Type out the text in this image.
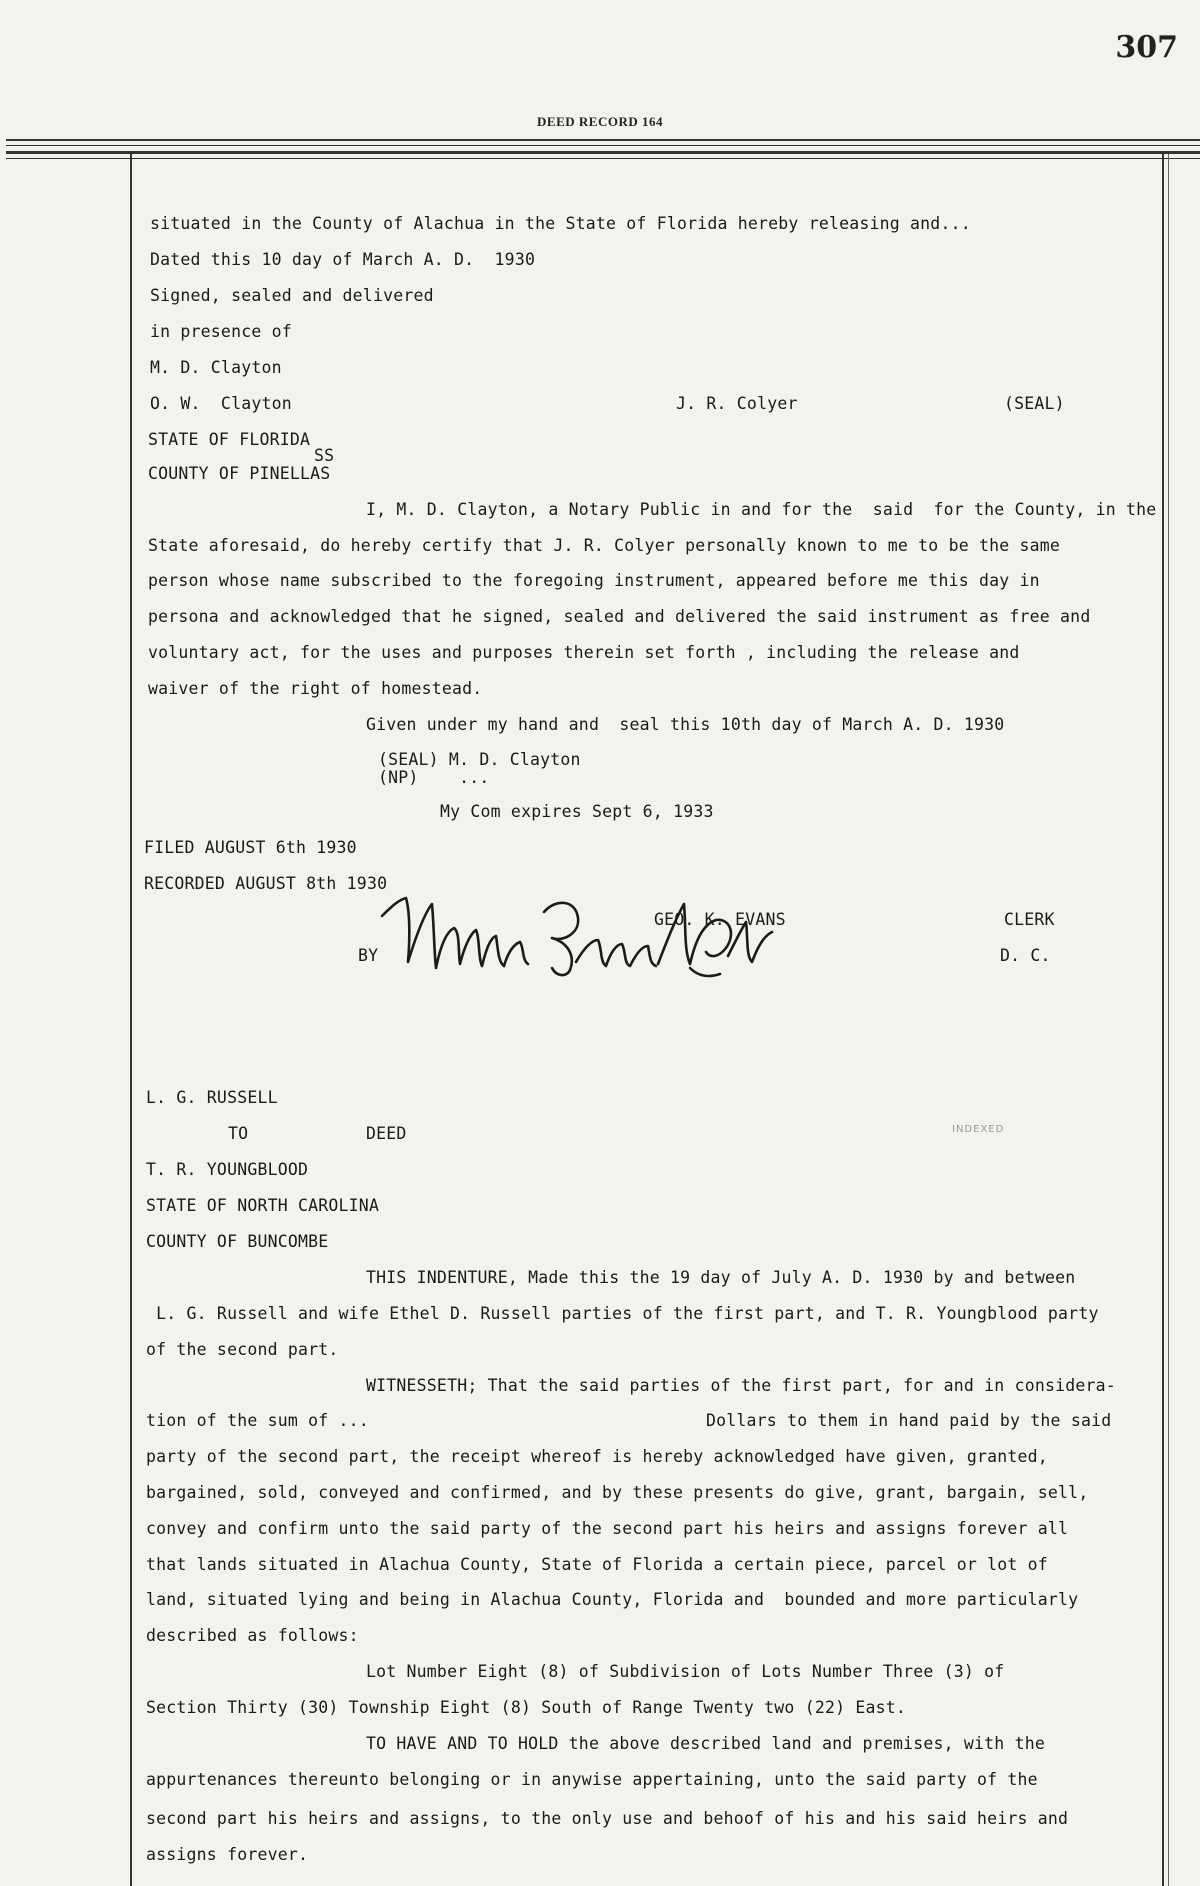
307
DEED RECORD 164
situated in the County of Alachua in the State of Florida hereby releasing and...
Dated this 10 day of March A. D.  1930
Signed, sealed and delivered
in presence of
M. D. Clayton
O. W.  Clayton	J. R. Colyer	(SEAL)
STATE OF FLORIDA
SS
COUNTY OF PINELLAS
I, M. D. Clayton, a Notary Public in and for the  said  for the County, in the
State aforesaid, do hereby certify that J. R. Colyer personally known to me to be the same
person whose name subscribed to the foregoing instrument, appeared before me this day in
persona and acknowledged that he signed, sealed and delivered the said instrument as free and
voluntary act, for the uses and purposes therein set forth , including the release and
waiver of the right of homestead.
Given under my hand and  seal this 10th day of March A. D. 1930
(SEAL) M. D. Clayton
(NP)    ...
My Com expires Sept 6, 1933
FILED AUGUST 6th 1930
RECORDED AUGUST 8th 1930
GEO. K. EVANS	CLERK
BY	D. C.
L. G. RUSSELL
TO	DEED	INDEXED
T. R. YOUNGBLOOD
STATE OF NORTH CAROLINA
COUNTY OF BUNCOMBE
THIS INDENTURE, Made this the 19 day of July A. D. 1930 by and between
L. G. Russell and wife Ethel D. Russell parties of the first part, and T. R. Youngblood party
of the second part.
WITNESSETH; That the said parties of the first part, for and in considera-
tion of the sum of ...	Dollars to them in hand paid by the said
party of the second part, the receipt whereof is hereby acknowledged have given, granted,
bargained, sold, conveyed and confirmed, and by these presents do give, grant, bargain, sell,
convey and confirm unto the said party of the second part his heirs and assigns forever all
that lands situated in Alachua County, State of Florida a certain piece, parcel or lot of
land, situated lying and being in Alachua County, Florida and  bounded and more particularly
described as follows:
Lot Number Eight (8) of Subdivision of Lots Number Three (3) of
Section Thirty (30) Township Eight (8) South of Range Twenty two (22) East.
TO HAVE AND TO HOLD the above described land and premises, with the
appurtenances thereunto belonging or in anywise appertaining, unto the said party of the
second part his heirs and assigns, to the only use and behoof of his and his said heirs and
assigns forever.
